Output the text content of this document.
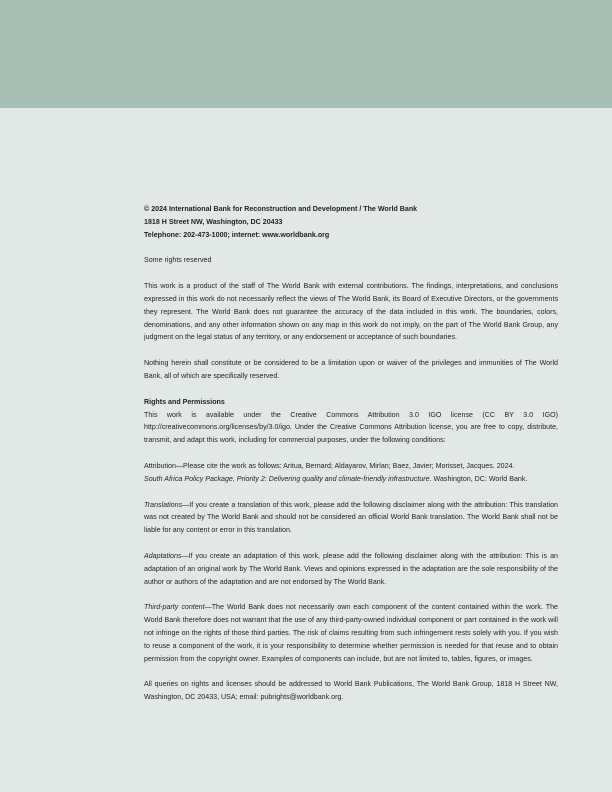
© 2024 International Bank for Reconstruction and Development / The World Bank

1818 H Street NW, Washington, DC 20433

Telephone: 202-473-1000; internet: www.worldbank.org

Some rights reserved

This work is a product of the staff of The World Bank with external contributions. The findings, interpretations, and conclusions expressed in this work do not necessarily reflect the views of The World Bank, its Board of Executive Directors, or the governments they represent. The World Bank does not guarantee the accuracy of the data included in this work. The boundaries, colors, denominations, and any other information shown on any map in this work do not imply, on the part of The World Bank Group, any judgment on the legal status of any territory, or any endorsement or acceptance of such boundaries.

Nothing herein shall constitute or be considered to be a limitation upon or waiver of the privileges and immunities of The World Bank, all of which are specifically reserved.

Rights and Permissions

This work is available under the Creative Commons Attribution 3.0 IGO license (CC BY 3.0 IGO) http://creativecommons.org/licenses/by/3.0/igo. Under the Creative Commons Attribution license, you are free to copy, distribute, transmit, and adapt this work, including for commercial purposes, under the following conditions:

Attribution—Please cite the work as follows: Aritua, Bernard; Aldayarov, Mirlan; Baez, Javier; Morisset, Jacques. 2024.
South Africa Policy Package, Priority 2: Delivering quality and climate-friendly infrastructure. Washington, DC: World Bank.

Translations—If you create a translation of this work, please add the following disclaimer along with the attribution: This translation was not created by The World Bank and should not be considered an official World Bank translation. The World Bank shall not be liable for any content or error in this translation.

Adaptations—If you create an adaptation of this work, please add the following disclaimer along with the attribution: This is an adaptation of an original work by The World Bank. Views and opinions expressed in the adaptation are the sole responsibility of the author or authors of the adaptation and are not endorsed by The World Bank.

Third-party content—The World Bank does not necessarily own each component of the content contained within the work. The World Bank therefore does not warrant that the use of any third-party-owned individual component or part contained in the work will not infringe on the rights of those third parties. The risk of claims resulting from such infringement rests solely with you. If you wish to reuse a component of the work, it is your responsibility to determine whether permission is needed for that reuse and to obtain permission from the copyright owner. Examples of components can include, but are not limited to, tables, figures, or images.

All queries on rights and licenses should be addressed to World Bank Publications, The World Bank Group, 1818 H Street NW, Washington, DC 20433, USA; email: pubrights@worldbank.org.
